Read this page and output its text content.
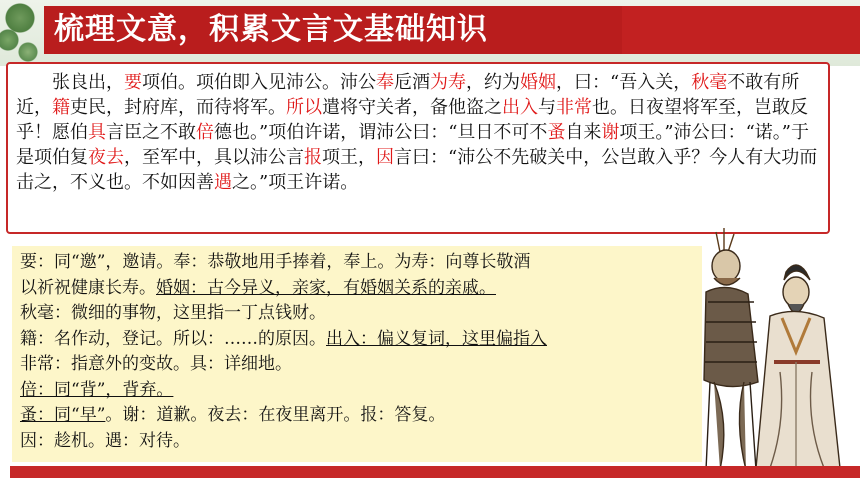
梳理文意，积累文言文基础知识

张良出，要项伯。项伯即入见沛公。沛公奉卮酒为寿，约为婚姻，曰：“吾入关，秋毫不敢有所近，籍吏民，封府库，而待将军。所以遣将守关者，备他盗之出入与非常也。日夜望将军至，岂敢反乎！愿伯具言臣之不敢倍德也。”项伯许诺，谓沛公曰：“旦日不可不蚤自来谢项王。”沛公曰：“诺。”于是项伯复夜去，至军中，具以沛公言报项王，因言曰：“沛公不先破关中，公岂敢入乎？今人有大功而击之，不义也。不如因善遇之。”项王许诺。

要：同“邀”，邀请。奉：恭敬地用手捧着，奉上。为寿：向尊长敬酒
以祈祝健康长寿。婚姻：古今异义，亲家，有婚姻关系的亲戚。
秋毫：微细的事物，这里指一丁点钱财。
籍：名作动，登记。所以：……的原因。出入：偏义复词，这里偏指入
非常：指意外的变故。具：详细地。
倍：同“背”，背弃。
蚤：同“早”。谢：道歉。夜去：在夜里离开。报：答复。
因：趁机。遇：对待。
